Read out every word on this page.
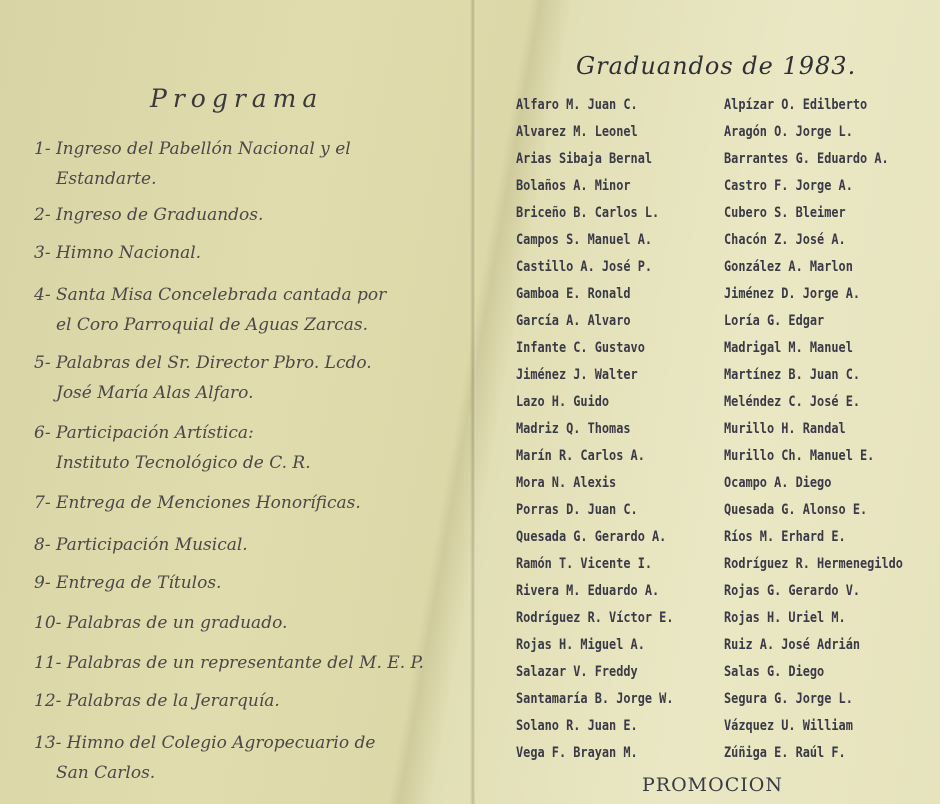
Programa
1- Ingreso del Pabellón Nacional y el
Estandarte.
2- Ingreso de Graduandos.
3- Himno Nacional.
4- Santa Misa Concelebrada cantada por
el Coro Parroquial de Aguas Zarcas.
5- Palabras del Sr. Director Pbro. Lcdo.
José María Alas Alfaro.
6- Participación Artística:
Instituto Tecnológico de C. R.
7- Entrega de Menciones Honoríficas.
8- Participación Musical.
9- Entrega de Títulos.
10- Palabras de un graduado.
11- Palabras de un representante del M. E. P.
12- Palabras de la Jerarquía.
13- Himno del Colegio Agropecuario de
San Carlos.
Graduandos de 1983.
Alfaro M. Juan C.
Alvarez M. Leonel
Arias Sibaja Bernal
Bolaños A. Minor
Briceño B. Carlos L.
Campos S. Manuel A.
Castillo A. José P.
Gamboa E. Ronald
García A. Alvaro
Infante C. Gustavo
Jiménez J. Walter
Lazo H. Guido
Madriz Q. Thomas
Marín R. Carlos A.
Mora N. Alexis
Porras D. Juan C.
Quesada G. Gerardo A.
Ramón T. Vicente I.
Rivera M. Eduardo A.
Rodríguez R. Víctor E.
Rojas H. Miguel A.
Salazar V. Freddy
Santamaría B. Jorge W.
Solano R. Juan E.
Vega F. Brayan M.
Alpízar O. Edilberto
Aragón O. Jorge L.
Barrantes G. Eduardo A.
Castro F. Jorge A.
Cubero S. Bleimer
Chacón Z. José A.
González A. Marlon
Jiménez D. Jorge A.
Loría G. Edgar
Madrigal M. Manuel
Martínez B. Juan C.
Meléndez C. José E.
Murillo H. Randal
Murillo Ch. Manuel E.
Ocampo A. Diego
Quesada G. Alonso E.
Ríos M. Erhard E.
Rodríguez R. Hermenegildo
Rojas G. Gerardo V.
Rojas H. Uriel M.
Ruiz A. José Adrián
Salas G. Diego
Segura G. Jorge L.
Vázquez U. William
Zúñiga E. Raúl F.
PROMOCION
